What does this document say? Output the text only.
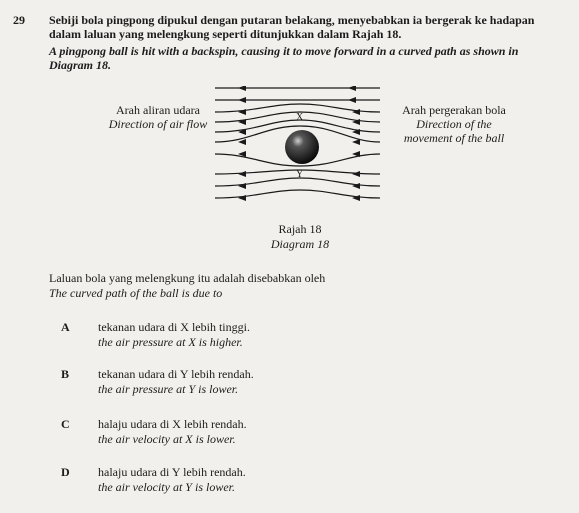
29 Sebiji bola pingpong dipukul dengan putaran belakang, menyebabkan ia bergerak ke hadapan
dalam laluan yang melengkung seperti ditunjukkan dalam Rajah 18.
A pingpong ball is hit with a backspin, causing it to move forward in a curved path as shown in
Diagram 18.
Arah aliran udara
Direction of air flow
Arah pergerakan bola
Direction of the
movement of the ball
X
Y
Rajah 18
Diagram 18
Laluan bola yang melengkung itu adalah disebabkan oleh
The curved path of the ball is due to
A tekanan udara di X lebih tinggi.
the air pressure at X is higher.
B tekanan udara di Y lebih rendah.
the air pressure at Y is lower.
C halaju udara di X lebih rendah.
the air velocity at X is lower.
D halaju udara di Y lebih rendah.
the air velocity at Y is lower.
